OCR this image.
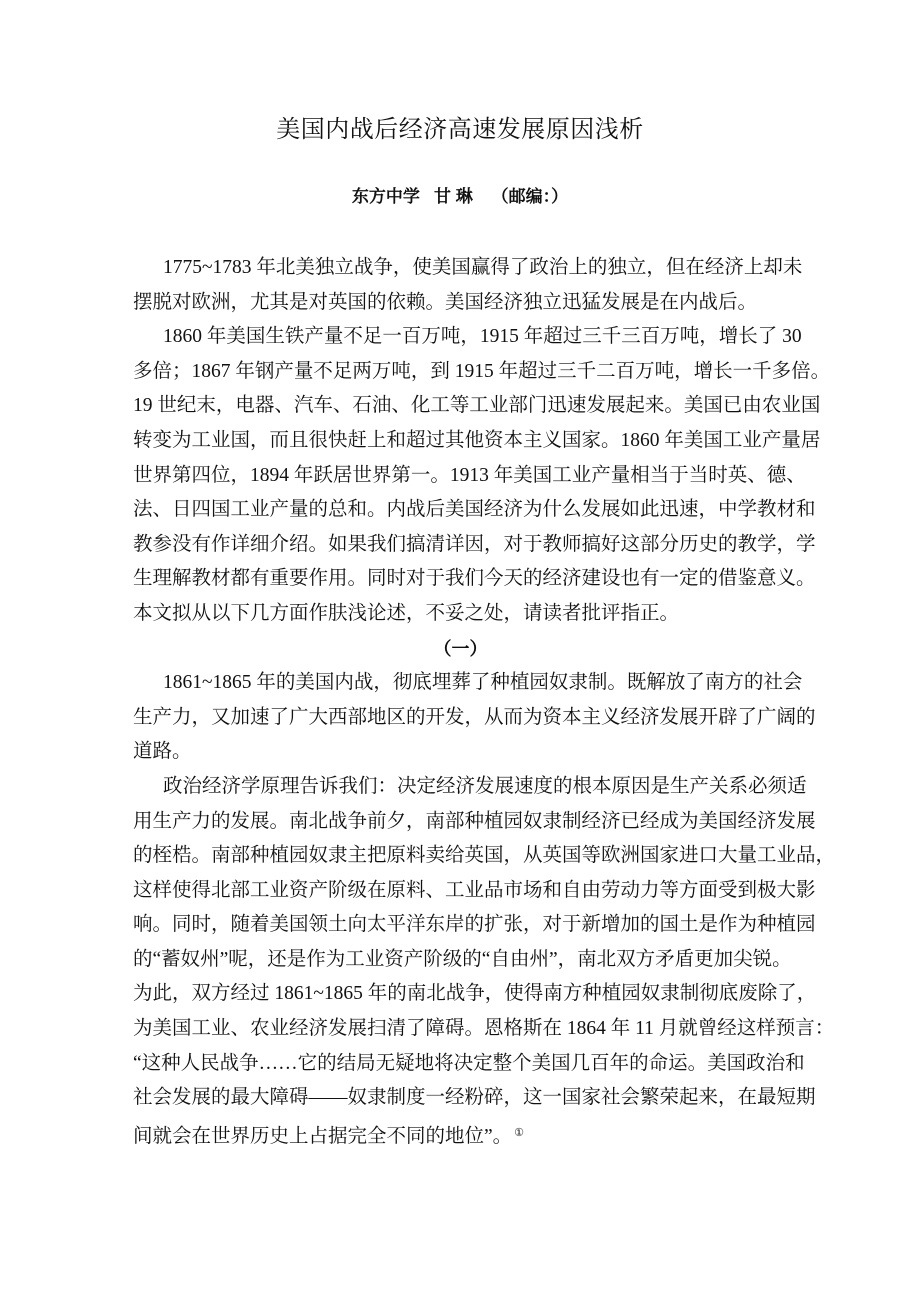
美国内战后经济高速发展原因浅析
东方中学   甘 琳    （邮编：）
1775~1783 年北美独立战争，使美国赢得了政治上的独立，但在经济上却未
摆脱对欧洲，尤其是对英国的依赖。美国经济独立迅猛发展是在内战后。
1860 年美国生铁产量不足一百万吨，1915 年超过三千三百万吨，增长了 30
多倍；1867 年钢产量不足两万吨，到 1915 年超过三千二百万吨，增长一千多倍。
19 世纪末，电器、汽车、石油、化工等工业部门迅速发展起来。美国已由农业国
转变为工业国，而且很快赶上和超过其他资本主义国家。1860 年美国工业产量居
世界第四位，1894 年跃居世界第一。1913 年美国工业产量相当于当时英、德、
法、日四国工业产量的总和。内战后美国经济为什么发展如此迅速，中学教材和
教参没有作详细介绍。如果我们搞清详因，对于教师搞好这部分历史的教学，学
生理解教材都有重要作用。同时对于我们今天的经济建设也有一定的借鉴意义。
本文拟从以下几方面作肤浅论述，不妥之处，请读者批评指正。
（一）
1861~1865 年的美国内战，彻底埋葬了种植园奴隶制。既解放了南方的社会
生产力，又加速了广大西部地区的开发，从而为资本主义经济发展开辟了广阔的
道路。
政治经济学原理告诉我们：决定经济发展速度的根本原因是生产关系必须适
用生产力的发展。南北战争前夕，南部种植园奴隶制经济已经成为美国经济发展
的桎梏。南部种植园奴隶主把原料卖给英国，从英国等欧洲国家进口大量工业品，
这样使得北部工业资产阶级在原料、工业品市场和自由劳动力等方面受到极大影
响。同时，随着美国领土向太平洋东岸的扩张，对于新增加的国土是作为种植园
的“蓄奴州”呢，还是作为工业资产阶级的“自由州”，南北双方矛盾更加尖锐。
为此，双方经过 1861~1865 年的南北战争，使得南方种植园奴隶制彻底废除了，
为美国工业、农业经济发展扫清了障碍。恩格斯在 1864 年 11 月就曾经这样预言：
“这种人民战争……它的结局无疑地将决定整个美国几百年的命运。美国政治和
社会发展的最大障碍——奴隶制度一经粉碎，这一国家社会繁荣起来，在最短期
间就会在世界历史上占据完全不同的地位”。 ①
